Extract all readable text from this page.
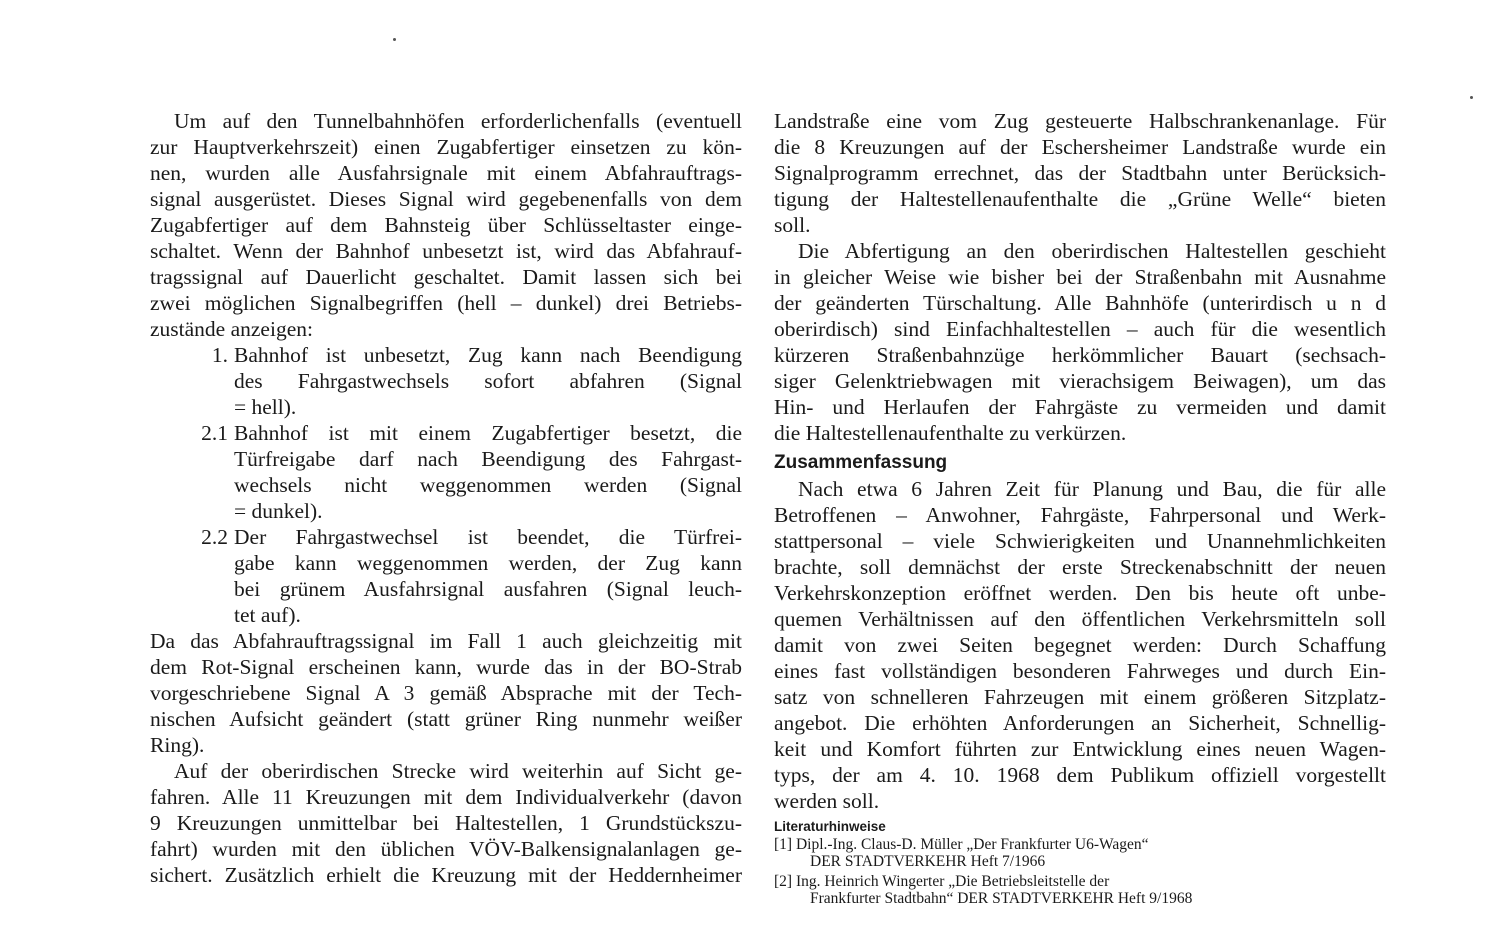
Um auf den Tunnelbahnhöfen erforderlichenfalls (eventuell
zur Hauptverkehrszeit) einen Zugabfertiger einsetzen zu kön-
nen, wurden alle Ausfahrsignale mit einem Abfahrauftrags-
signal ausgerüstet. Dieses Signal wird gegebenenfalls von dem
Zugabfertiger auf dem Bahnsteig über Schlüsseltaster einge-
schaltet. Wenn der Bahnhof unbesetzt ist, wird das Abfahrauf-
tragssignal auf Dauerlicht geschaltet. Damit lassen sich bei
zwei möglichen Signalbegriffen (hell – dunkel) drei Betriebs-
zustände anzeigen:
1. Bahnhof ist unbesetzt, Zug kann nach Beendigung
des Fahrgastwechsels sofort abfahren (Signal
= hell).
2.1 Bahnhof ist mit einem Zugabfertiger besetzt, die
Türfreigabe darf nach Beendigung des Fahrgast-
wechsels nicht weggenommen werden (Signal
= dunkel).
2.2 Der Fahrgastwechsel ist beendet, die Türfrei-
gabe kann weggenommen werden, der Zug kann
bei grünem Ausfahrsignal ausfahren (Signal leuch-
tet auf).
Da das Abfahrauftragssignal im Fall 1 auch gleichzeitig mit
dem Rot-Signal erscheinen kann, wurde das in der BO-Strab
vorgeschriebene Signal A 3 gemäß Absprache mit der Tech-
nischen Aufsicht geändert (statt grüner Ring nunmehr weißer
Ring).
Auf der oberirdischen Strecke wird weiterhin auf Sicht ge-
fahren. Alle 11 Kreuzungen mit dem Individualverkehr (davon
9 Kreuzungen unmittelbar bei Haltestellen, 1 Grundstückszu-
fahrt) wurden mit den üblichen VÖV-Balkensignalanlagen ge-
sichert. Zusätzlich erhielt die Kreuzung mit der Heddernheimer
Landstraße eine vom Zug gesteuerte Halbschrankenanlage. Für
die 8 Kreuzungen auf der Eschersheimer Landstraße wurde ein
Signalprogramm errechnet, das der Stadtbahn unter Berücksich-
tigung der Haltestellenaufenthalte die „Grüne Welle“ bieten
soll.
Die Abfertigung an den oberirdischen Haltestellen geschieht
in gleicher Weise wie bisher bei der Straßenbahn mit Ausnahme
der geänderten Türschaltung. Alle Bahnhöfe (unterirdisch u n d
oberirdisch) sind Einfachhaltestellen – auch für die wesentlich
kürzeren Straßenbahnzüge herkömmlicher Bauart (sechsach-
siger Gelenktriebwagen mit vierachsigem Beiwagen), um das
Hin- und Herlaufen der Fahrgäste zu vermeiden und damit
die Haltestellenaufenthalte zu verkürzen.
Zusammenfassung
Nach etwa 6 Jahren Zeit für Planung und Bau, die für alle
Betroffenen – Anwohner, Fahrgäste, Fahrpersonal und Werk-
stattpersonal – viele Schwierigkeiten und Unannehmlichkeiten
brachte, soll demnächst der erste Streckenabschnitt der neuen
Verkehrskonzeption eröffnet werden. Den bis heute oft unbe-
quemen Verhältnissen auf den öffentlichen Verkehrsmitteln soll
damit von zwei Seiten begegnet werden: Durch Schaffung
eines fast vollständigen besonderen Fahrweges und durch Ein-
satz von schnelleren Fahrzeugen mit einem größeren Sitzplatz-
angebot. Die erhöhten Anforderungen an Sicherheit, Schnellig-
keit und Komfort führten zur Entwicklung eines neuen Wagen-
typs, der am 4. 10. 1968 dem Publikum offiziell vorgestellt
werden soll.
Literaturhinweise
[1] Dipl.-Ing. Claus-D. Müller „Der Frankfurter U6-Wagen“
DER STADTVERKEHR Heft 7/1966
[2] Ing. Heinrich Wingerter „Die Betriebsleitstelle der
Frankfurter Stadtbahn“ DER STADTVERKEHR Heft 9/1968
